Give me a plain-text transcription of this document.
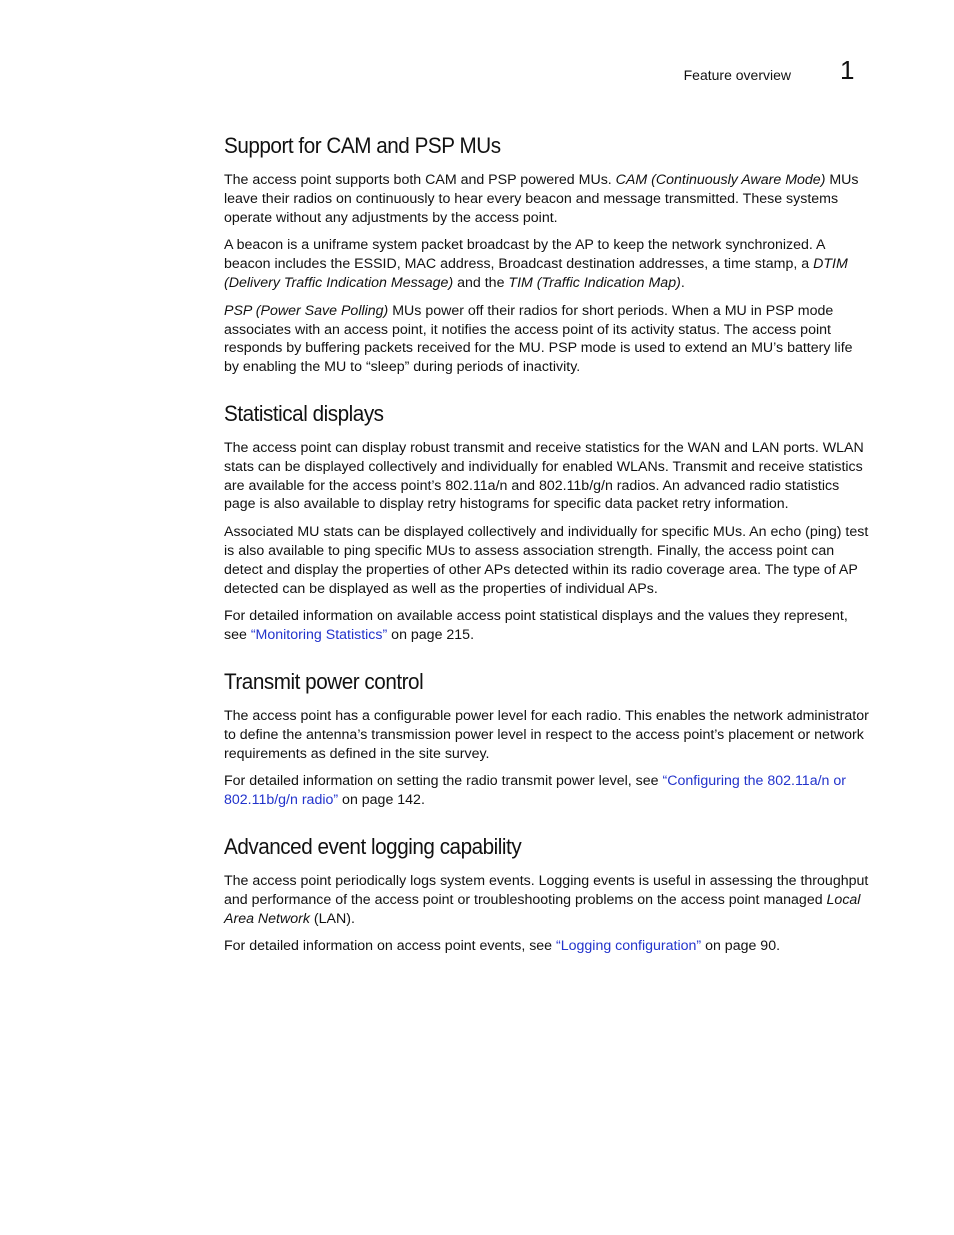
Feature overview 1
Support for CAM and PSP MUs

The access point supports both CAM and PSP powered MUs. CAM (Continuously Aware Mode) MUs leave their radios on continuously to hear every beacon and message transmitted. These systems operate without any adjustments by the access point.

A beacon is a uniframe system packet broadcast by the AP to keep the network synchronized. A beacon includes the ESSID, MAC address, Broadcast destination addresses, a time stamp, a DTIM (Delivery Traffic Indication Message) and the TIM (Traffic Indication Map).

PSP (Power Save Polling) MUs power off their radios for short periods. When a MU in PSP mode associates with an access point, it notifies the access point of its activity status. The access point responds by buffering packets received for the MU. PSP mode is used to extend an MU’s battery life by enabling the MU to “sleep” during periods of inactivity.

Statistical displays

The access point can display robust transmit and receive statistics for the WAN and LAN ports. WLAN stats can be displayed collectively and individually for enabled WLANs. Transmit and receive statistics are available for the access point’s 802.11a/n and 802.11b/g/n radios. An advanced radio statistics page is also available to display retry histograms for specific data packet retry information.

Associated MU stats can be displayed collectively and individually for specific MUs. An echo (ping) test is also available to ping specific MUs to assess association strength. Finally, the access point can detect and display the properties of other APs detected within its radio coverage area. The type of AP detected can be displayed as well as the properties of individual APs.

For detailed information on available access point statistical displays and the values they represent, see “Monitoring Statistics” on page 215.

Transmit power control

The access point has a configurable power level for each radio. This enables the network administrator to define the antenna’s transmission power level in respect to the access point’s placement or network requirements as defined in the site survey.

For detailed information on setting the radio transmit power level, see “Configuring the 802.11a/n or 802.11b/g/n radio” on page 142.

Advanced event logging capability

The access point periodically logs system events. Logging events is useful in assessing the throughput and performance of the access point or troubleshooting problems on the access point managed Local Area Network (LAN).

For detailed information on access point events, see “Logging configuration” on page 90.
